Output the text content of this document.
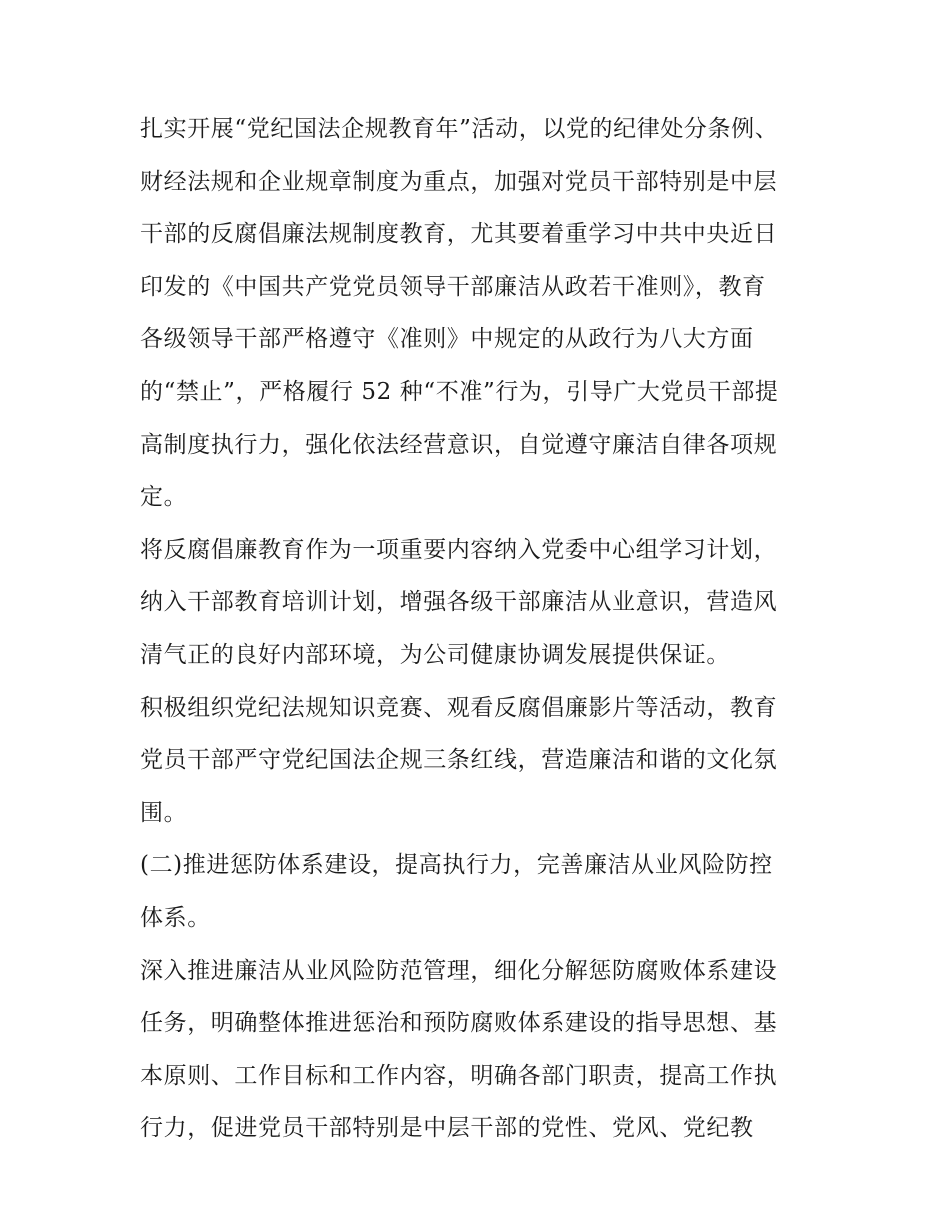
扎实开展“党纪国法企规教育年”活动，以党的纪律处分条例、
财经法规和企业规章制度为重点，加强对党员干部特别是中层
干部的反腐倡廉法规制度教育，尤其要着重学习中共中央近日
印发的《中国共产党党员领导干部廉洁从政若干准则》，教育
各级领导干部严格遵守《准则》中规定的从政行为八大方面
的“禁止”，严格履行 52 种“不准”行为，引导广大党员干部提
高制度执行力，强化依法经营意识，自觉遵守廉洁自律各项规
定。
将反腐倡廉教育作为一项重要内容纳入党委中心组学习计划，
纳入干部教育培训计划，增强各级干部廉洁从业意识，营造风
清气正的良好内部环境，为公司健康协调发展提供保证。
积极组织党纪法规知识竞赛、观看反腐倡廉影片等活动，教育
党员干部严守党纪国法企规三条红线，营造廉洁和谐的文化氛
围。
(二)推进惩防体系建设，提高执行力，完善廉洁从业风险防控
体系。
深入推进廉洁从业风险防范管理，细化分解惩防腐败体系建设
任务，明确整体推进惩治和预防腐败体系建设的指导思想、基
本原则、工作目标和工作内容，明确各部门职责，提高工作执
行力，促进党员干部特别是中层干部的党性、党风、党纪教
